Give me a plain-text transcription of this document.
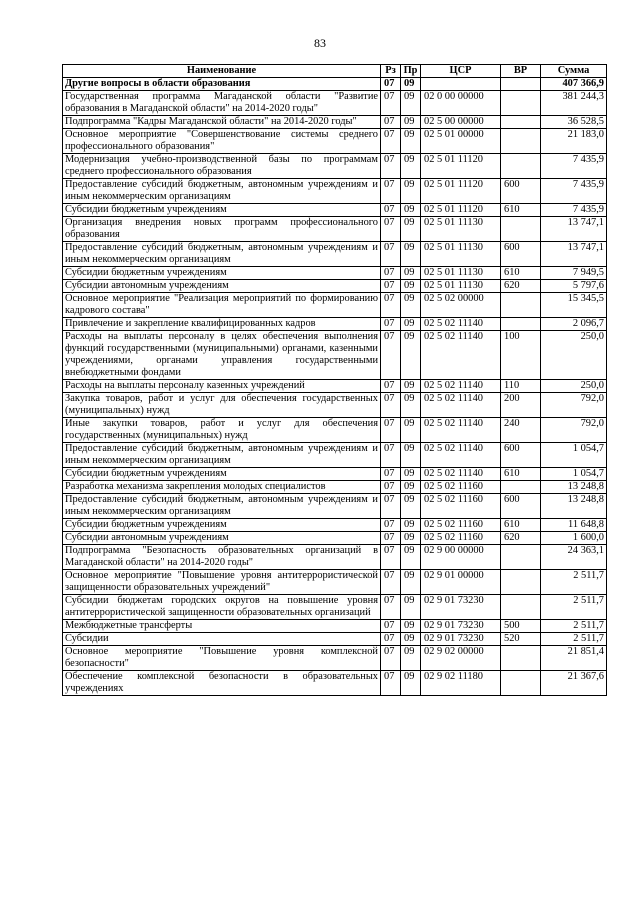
83
Наименование	Рз	Пр	ЦСР	ВР	Сумма
Другие вопросы в области образования	07	09			407 366,9
Государственная программа Магаданской области "Развитие образования в Магаданской области" на 2014-2020 годы"	07	09	02 0 00 00000		381 244,3
Подпрограмма "Кадры Магаданской области" на 2014-2020 годы"	07	09	02 5 00 00000		36 528,5
Основное мероприятие "Совершенствование системы среднего профессионального образования"	07	09	02 5 01 00000		21 183,0
Модернизация учебно-производственной базы по программам среднего профессионального образования	07	09	02 5 01 11120		7 435,9
Предоставление субсидий бюджетным, автономным учреждениям и иным некоммерческим организациям	07	09	02 5 01 11120	600	7 435,9
Субсидии бюджетным учреждениям	07	09	02 5 01 11120	610	7 435,9
Организация внедрения новых программ профессионального образования	07	09	02 5 01 11130		13 747,1
Предоставление субсидий бюджетным, автономным учреждениям и иным некоммерческим организациям	07	09	02 5 01 11130	600	13 747,1
Субсидии бюджетным учреждениям	07	09	02 5 01 11130	610	7 949,5
Субсидии автономным учреждениям	07	09	02 5 01 11130	620	5 797,6
Основное мероприятие "Реализация мероприятий по формированию кадрового состава"	07	09	02 5 02 00000		15 345,5
Привлечение и закрепление квалифицированных кадров	07	09	02 5 02 11140		2 096,7
Расходы на выплаты персоналу в целях обеспечения выполнения функций государственными (муниципальными) органами, казенными учреждениями, органами управления государственными внебюджетными фондами	07	09	02 5 02 11140	100	250,0
Расходы на выплаты персоналу казенных учреждений	07	09	02 5 02 11140	110	250,0
Закупка товаров, работ и услуг для обеспечения государственных (муниципальных) нужд	07	09	02 5 02 11140	200	792,0
Иные закупки товаров, работ и услуг для обеспечения государственных (муниципальных) нужд	07	09	02 5 02 11140	240	792,0
Предоставление субсидий бюджетным, автономным учреждениям и иным некоммерческим организациям	07	09	02 5 02 11140	600	1 054,7
Субсидии бюджетным учреждениям	07	09	02 5 02 11140	610	1 054,7
Разработка механизма закрепления молодых специалистов	07	09	02 5 02 11160		13 248,8
Предоставление субсидий бюджетным, автономным учреждениям и иным некоммерческим организациям	07	09	02 5 02 11160	600	13 248,8
Субсидии бюджетным учреждениям	07	09	02 5 02 11160	610	11 648,8
Субсидии автономным учреждениям	07	09	02 5 02 11160	620	1 600,0
Подпрограмма "Безопасность образовательных организаций в Магаданской области" на 2014-2020 годы"	07	09	02 9 00 00000		24 363,1
Основное мероприятие "Повышение уровня антитеррористической защищенности образовательных учреждений"	07	09	02 9 01 00000		2 511,7
Субсидии бюджетам городских округов на повышение уровня антитеррористической защищенности образовательных организаций	07	09	02 9 01 73230		2 511,7
Межбюджетные трансферты	07	09	02 9 01 73230	500	2 511,7
Субсидии	07	09	02 9 01 73230	520	2 511,7
Основное мероприятие "Повышение уровня комплексной безопасности"	07	09	02 9 02 00000		21 851,4
Обеспечение комплексной безопасности в образовательных учреждениях	07	09	02 9 02 11180		21 367,6
